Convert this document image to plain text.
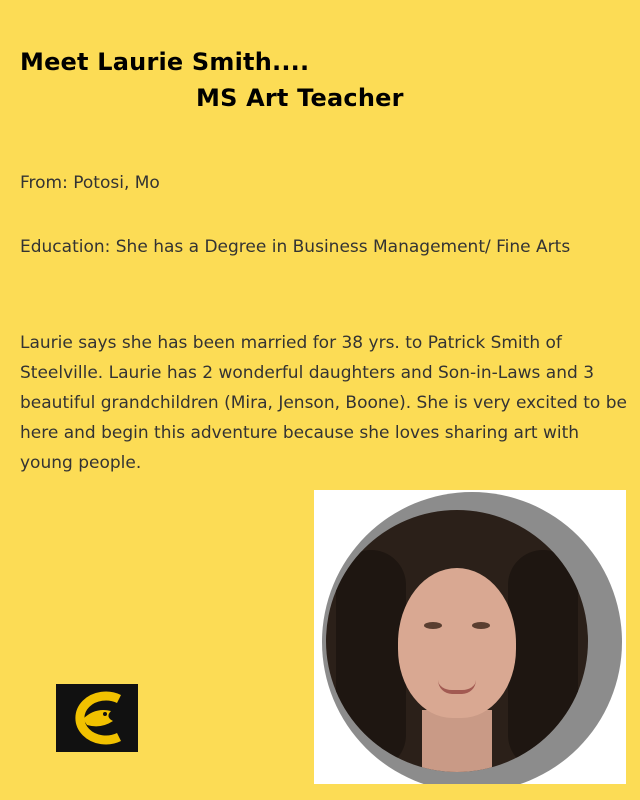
Meet Laurie Smith....
MS Art Teacher
From: Potosi, Mo
Education: She has a Degree in Business Management/ Fine Arts
Laurie says she has been married for 38 yrs. to Patrick Smith of Steelville. Laurie has 2 wonderful daughters and Son-in-Laws and 3 beautiful grandchildren (Mira, Jenson, Boone). She is very excited to be here and begin this adventure because she loves sharing art with young people.
